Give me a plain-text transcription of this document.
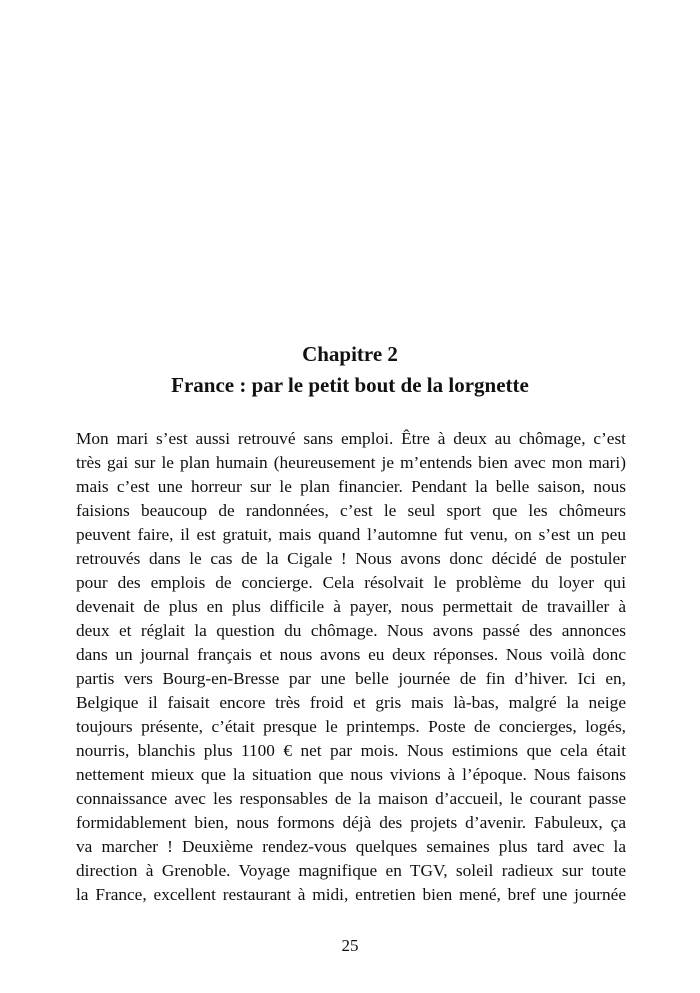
Chapitre 2
France : par le petit bout de la lorgnette
Mon mari s’est aussi retrouvé sans emploi. Être à deux au chômage, c’est
très gai sur le plan humain (heureusement je m’entends bien avec mon mari)
mais c’est une horreur sur le plan financier. Pendant la belle saison, nous
faisions beaucoup de randonnées, c’est le seul sport que les chômeurs
peuvent faire, il est gratuit, mais quand l’automne fut venu, on s’est un peu
retrouvés dans le cas de la Cigale ! Nous avons donc décidé de postuler
pour des emplois de concierge. Cela résolvait le problème du loyer qui
devenait de plus en plus difficile à payer, nous permettait de travailler à
deux et réglait la question du chômage. Nous avons passé des annonces
dans un journal français et nous avons eu deux réponses. Nous voilà donc
partis vers Bourg-en-Bresse par une belle journée de fin d’hiver. Ici en,
Belgique il faisait encore très froid et gris mais là-bas, malgré la neige
toujours présente, c’était presque le printemps. Poste de concierges, logés,
nourris, blanchis plus 1100 € net par mois. Nous estimions que cela était
nettement mieux que la situation que nous vivions à l’époque. Nous faisons
connaissance avec les responsables de la maison d’accueil, le courant passe
formidablement bien, nous formons déjà des projets d’avenir. Fabuleux, ça
va marcher ! Deuxième rendez-vous quelques semaines plus tard avec la
direction à Grenoble. Voyage magnifique en TGV, soleil radieux sur toute
la France, excellent restaurant à midi, entretien bien mené, bref une journée
25
